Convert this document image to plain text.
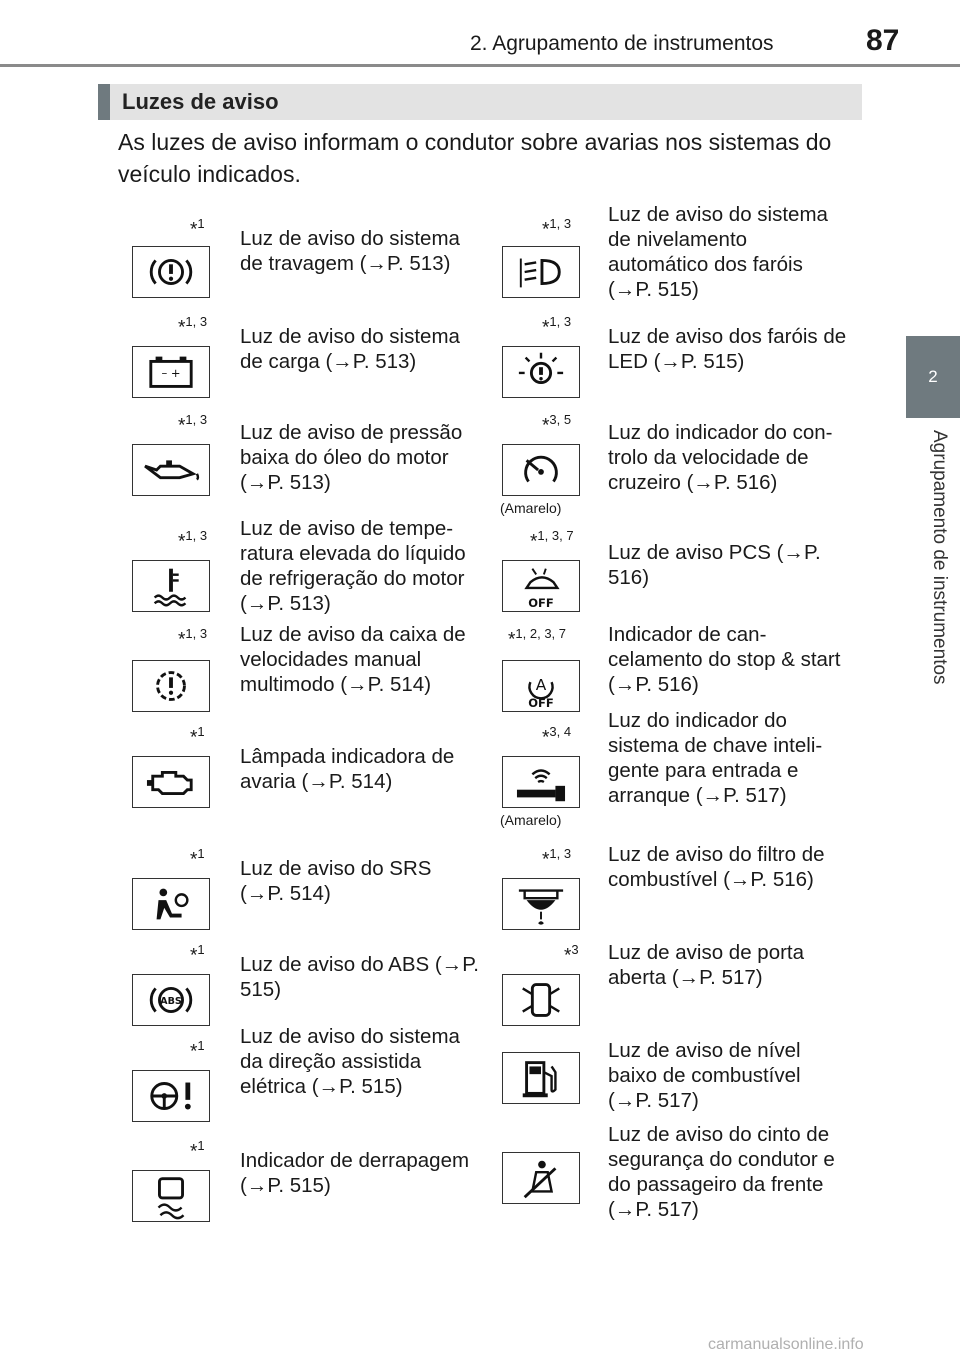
2. Agrupamento de instrumentos	87
2
Agrupamento de instrumentos
Luzes de aviso
As luzes de aviso informam o condutor sobre avarias nos sistemas do veículo indicados.
*$^1$
Luz de aviso do sistema de travagem (→P. 513)
*$^{1, 3}$
– +
Luz de aviso do sistema de carga (→P. 513)
*$^{1, 3}$
Luz de aviso de pressão baixa do óleo do motor (→P. 513)
*$^{1, 3}$ Luz de aviso de tempe- ratura elevada do líquido de refrigeração do motor (→P. 513)
*$^{1, 3}$ Luz de aviso da caixa de velocidades manual multimodo (→P. 514)
*$^1$
Lâmpada indicadora de avaria (→P. 514)
*$^1$
Luz de aviso do SRS (→P. 514)
*$^1$
ABS
Luz de aviso do ABS (→P. 515)
*$^1$ Luz de aviso do sistema da direção assistida elétrica (→P. 515)
*$^1$
Indicador de derrapagem (→P. 515)
*$^{1, 3}$ Luz de aviso do sistema de nivelamento automático dos faróis (→P. 515)
*$^{1, 3}$
Luz de aviso dos faróis de LED (→P. 515)
*$^{3, 5}$
(Amarelo)
Luz do indicador do con- trolo da velocidade de cruzeiro (→P. 516)
*$^{1, 3, 7}$
OFF
Luz de aviso PCS (→P. 516)
*$^{1, 2, 3, 7}$
A
OFF
Indicador de can- celamento do stop & start (→P. 516)
*$^{3, 4}$
(Amarelo)
Luz do indicador do sistema de chave inteli- gente para entrada e arranque (→P. 517)
*$^{1, 3}$ Luz de aviso do filtro de combustível (→P. 516)
*$^3$ Luz de aviso de porta aberta (→P. 517)
Luz de aviso de nível baixo de combustível (→P. 517)
Luz de aviso do cinto de segurança do condutor e do passageiro da frente (→P. 517)
carmanualsonline.info
